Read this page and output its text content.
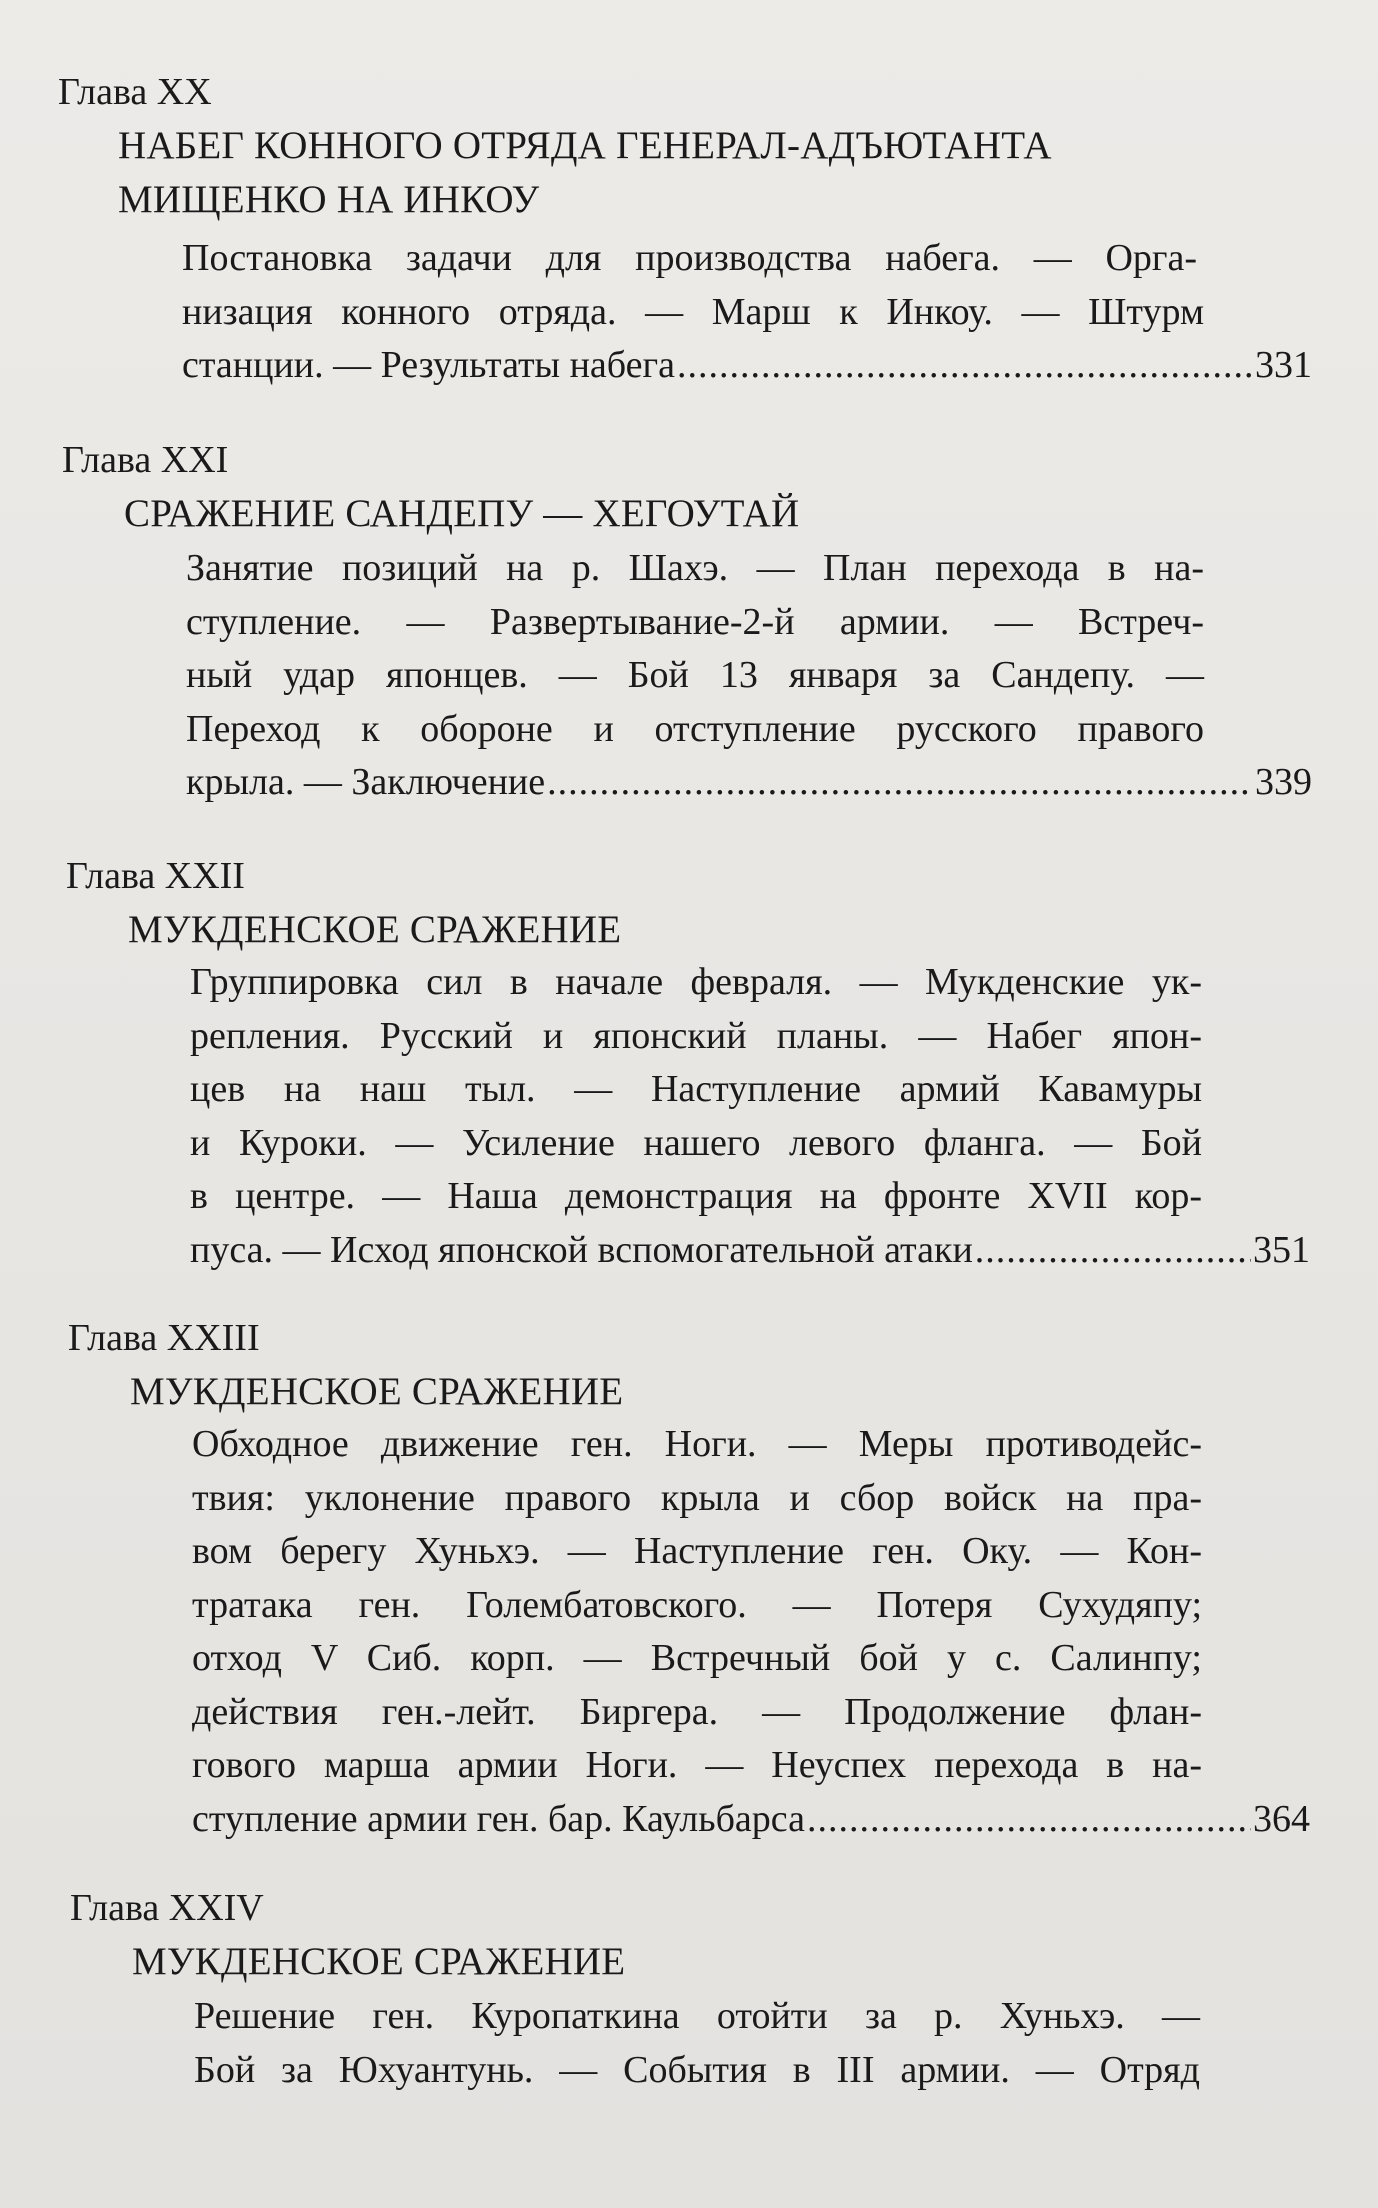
Глава XX
НАБЕГ КОННОГО ОТРЯДА ГЕНЕРАЛ-АДЪЮТАНТА
МИЩЕНКО НА ИНКОУ
Постановка задачи для производства набега. — Орга-
низация конного отряда. — Марш к Инкоу. — Штурм
станции. — Результаты набега .....	331
Глава XXI
СРАЖЕНИЕ САНДЕПУ — ХЕГОУТАЙ
Занятие позиций на р. Шахэ. — План перехода в на-
ступление. — Развертывание-2-й армии. — Встреч-
ный удар японцев. — Бой 13 января за Сандепу. —
Переход к обороне и отступление русского правого
крыла. — Заключение .....	339
Глава XXII
МУКДЕНСКОЕ СРАЖЕНИЕ
Группировка сил в начале февраля. — Мукденские ук-
репления. Русский и японский планы. — Набег япон-
цев на наш тыл. — Наступление армий Кавамуры
и Куроки. — Усиление нашего левого фланга. — Бой
в центре. — Наша демонстрация на фронте XVII кор-
пуса. — Исход японской вспомогательной атаки .....	351
Глава XXIII
МУКДЕНСКОЕ СРАЖЕНИЕ
Обходное движение ген. Ноги. — Меры противодейс-
твия: уклонение правого крыла и сбор войск на пра-
вом берегу Хуньхэ. — Наступление ген. Оку. — Кон-
тратака ген. Голембатовского. — Потеря Сухудяпу;
отход V Сиб. корп. — Встречный бой у с. Салинпу;
действия ген.-лейт. Биргера. — Продолжение флан-
гового марша армии Ноги. — Неуспех перехода в на-
ступление армии ген. бар. Каульбарса .....	364
Глава XXIV
МУКДЕНСКОЕ СРАЖЕНИЕ
Решение ген. Куропаткина отойти за р. Хуньхэ. —
Бой за Юхуантунь. — События в III армии. — Отряд
